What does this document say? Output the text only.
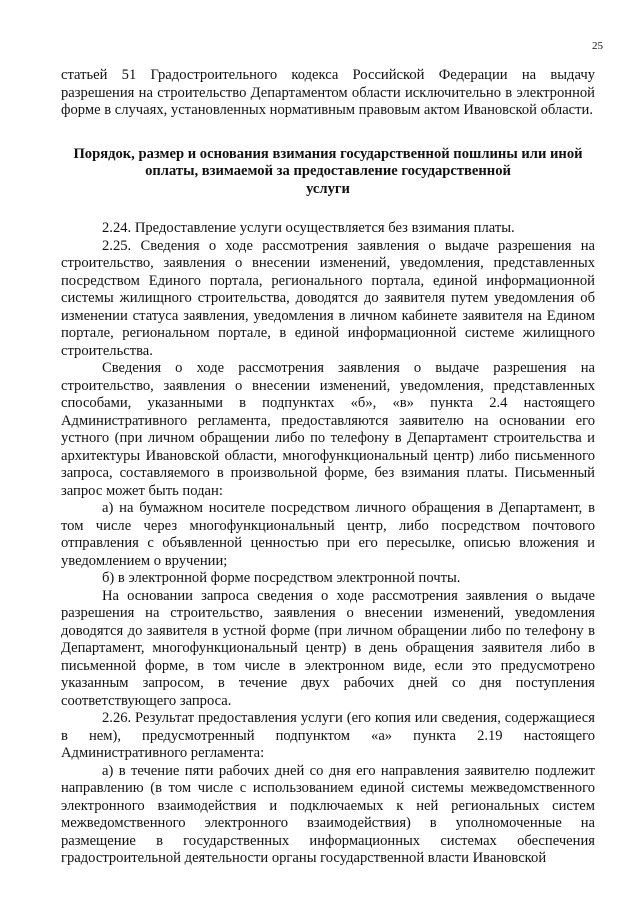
25

статьей 51 Градостроительного кодекса Российской Федерации на выдачу разрешения на строительство Департаментом области исключительно в электронной форме в случаях, установленных нормативным правовым актом Ивановской области.

Порядок, размер и основания взимания государственной пошлины или иной
оплаты, взимаемой за предоставление государственной
услуги

2.24. Предоставление услуги осуществляется без взимания платы.

2.25. Сведения о ходе рассмотрения заявления о выдаче разрешения на строительство, заявления о внесении изменений, уведомления, представленных посредством Единого портала, регионального портала, единой информационной системы жилищного строительства, доводятся до заявителя путем уведомления об изменении статуса заявления, уведомления в личном кабинете заявителя на Едином портале, региональном портале, в единой информационной системе жилищного строительства.

Сведения о ходе рассмотрения заявления о выдаче разрешения на строительство, заявления о внесении изменений, уведомления, представленных способами, указанными в подпунктах «б», «в» пункта 2.4 настоящего Административного регламента, предоставляются заявителю на основании его устного (при личном обращении либо по телефону в Департамент строительства и архитектуры Ивановской области, многофункциональный центр) либо письменного запроса, составляемого в произвольной форме, без взимания платы. Письменный запрос может быть подан:

а) на бумажном носителе посредством личного обращения в Департамент, в том числе через многофункциональный центр, либо посредством почтового отправления с объявленной ценностью при его пересылке, описью вложения и уведомлением о вручении;

б) в электронной форме посредством электронной почты.

На основании запроса сведения о ходе рассмотрения заявления о выдаче разрешения на строительство, заявления о внесении изменений, уведомления доводятся до заявителя в устной форме (при личном обращении либо по телефону в Департамент, многофункциональный центр) в день обращения заявителя либо в письменной форме, в том числе в электронном виде, если это предусмотрено указанным запросом, в течение двух рабочих дней со дня поступления соответствующего запроса.

2.26. Результат предоставления услуги (его копия или сведения, содержащиеся в нем), предусмотренный подпунктом «а» пункта 2.19 настоящего Административного регламента:

а) в течение пяти рабочих дней со дня его направления заявителю подлежит направлению (в том числе с использованием единой системы межведомственного электронного взаимодействия и подключаемых к ней региональных систем межведомственного электронного взаимодействия) в уполномоченные на размещение в государственных информационных системах обеспечения градостроительной деятельности органы государственной власти Ивановской
